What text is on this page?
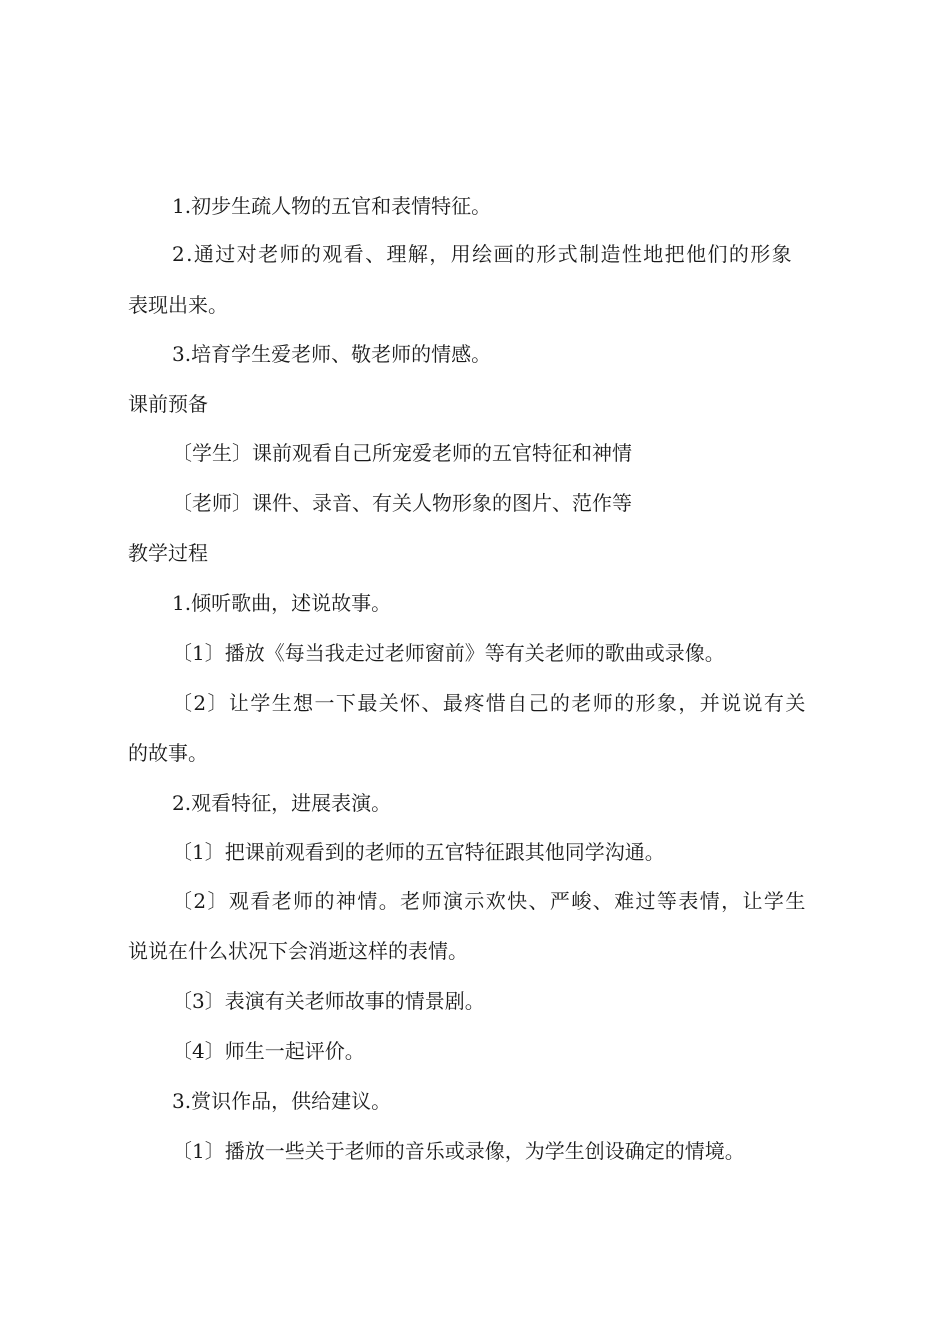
1.初步生疏人物的五官和表情特征。

2.通过对老师的观看、理解，用绘画的形式制造性地把他们的形象

表现出来。

3.培育学生爱老师、敬老师的情感。

课前预备

〔学生〕课前观看自己所宠爱老师的五官特征和神情

〔老师〕课件、录音、有关人物形象的图片、范作等

教学过程

1.倾听歌曲，述说故事。

〔1〕播放《每当我走过老师窗前》等有关老师的歌曲或录像。

〔2〕让学生想一下最关怀、最疼惜自己的老师的形象，并说说有关

的故事。

2.观看特征，进展表演。

〔1〕把课前观看到的老师的五官特征跟其他同学沟通。

〔2〕观看老师的神情。老师演示欢快、严峻、难过等表情，让学生

说说在什么状况下会消逝这样的表情。

〔3〕表演有关老师故事的情景剧。

〔4〕师生一起评价。

3.赏识作品，供给建议。

〔1〕播放一些关于老师的音乐或录像，为学生创设确定的情境。
